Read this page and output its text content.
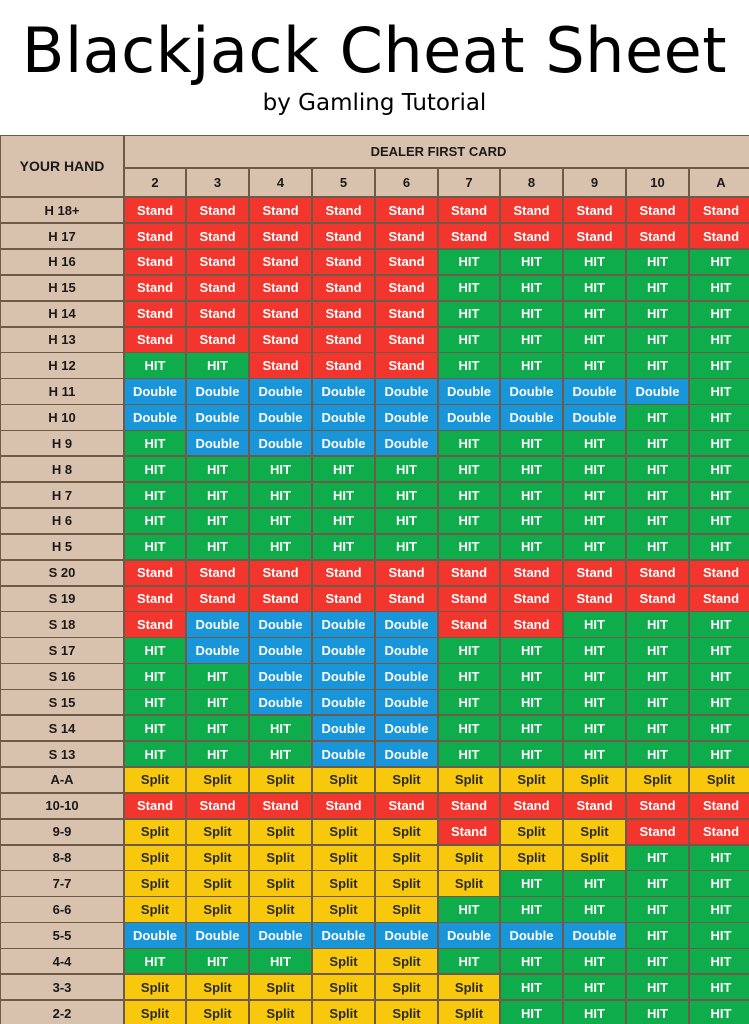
Blackjack Cheat Sheet
by Gamling Tutorial
YOUR HAND
DEALER FIRST CARD
2	3	4	5	6	7	8	9	10	A
H 18+	Stand	Stand	Stand	Stand	Stand	Stand	Stand	Stand	Stand	Stand
H 17	Stand	Stand	Stand	Stand	Stand	Stand	Stand	Stand	Stand	Stand
H 16	Stand	Stand	Stand	Stand	Stand	HIT	HIT	HIT	HIT	HIT
H 15	Stand	Stand	Stand	Stand	Stand	HIT	HIT	HIT	HIT	HIT
H 14	Stand	Stand	Stand	Stand	Stand	HIT	HIT	HIT	HIT	HIT
H 13	Stand	Stand	Stand	Stand	Stand	HIT	HIT	HIT	HIT	HIT
H 12	HIT	HIT	Stand	Stand	Stand	HIT	HIT	HIT	HIT	HIT
H 11	Double	Double	Double	Double	Double	Double	Double	Double	Double	HIT
H 10	Double	Double	Double	Double	Double	Double	Double	Double	HIT	HIT
H 9	HIT	Double	Double	Double	Double	HIT	HIT	HIT	HIT	HIT
H 8	HIT	HIT	HIT	HIT	HIT	HIT	HIT	HIT	HIT	HIT
H 7	HIT	HIT	HIT	HIT	HIT	HIT	HIT	HIT	HIT	HIT
H 6	HIT	HIT	HIT	HIT	HIT	HIT	HIT	HIT	HIT	HIT
H 5	HIT	HIT	HIT	HIT	HIT	HIT	HIT	HIT	HIT	HIT
S 20	Stand	Stand	Stand	Stand	Stand	Stand	Stand	Stand	Stand	Stand
S 19	Stand	Stand	Stand	Stand	Stand	Stand	Stand	Stand	Stand	Stand
S 18	Stand	Double	Double	Double	Double	Stand	Stand	HIT	HIT	HIT
S 17	HIT	Double	Double	Double	Double	HIT	HIT	HIT	HIT	HIT
S 16	HIT	HIT	Double	Double	Double	HIT	HIT	HIT	HIT	HIT
S 15	HIT	HIT	Double	Double	Double	HIT	HIT	HIT	HIT	HIT
S 14	HIT	HIT	HIT	Double	Double	HIT	HIT	HIT	HIT	HIT
S 13	HIT	HIT	HIT	Double	Double	HIT	HIT	HIT	HIT	HIT
A-A	Split	Split	Split	Split	Split	Split	Split	Split	Split	Split
10-10	Stand	Stand	Stand	Stand	Stand	Stand	Stand	Stand	Stand	Stand
9-9	Split	Split	Split	Split	Split	Stand	Split	Split	Stand	Stand
8-8	Split	Split	Split	Split	Split	Split	Split	Split	HIT	HIT
7-7	Split	Split	Split	Split	Split	Split	HIT	HIT	HIT	HIT
6-6	Split	Split	Split	Split	Split	HIT	HIT	HIT	HIT	HIT
5-5	Double	Double	Double	Double	Double	Double	Double	Double	HIT	HIT
4-4	HIT	HIT	HIT	Split	Split	HIT	HIT	HIT	HIT	HIT
3-3	Split	Split	Split	Split	Split	Split	HIT	HIT	HIT	HIT
2-2	Split	Split	Split	Split	Split	Split	HIT	HIT	HIT	HIT
